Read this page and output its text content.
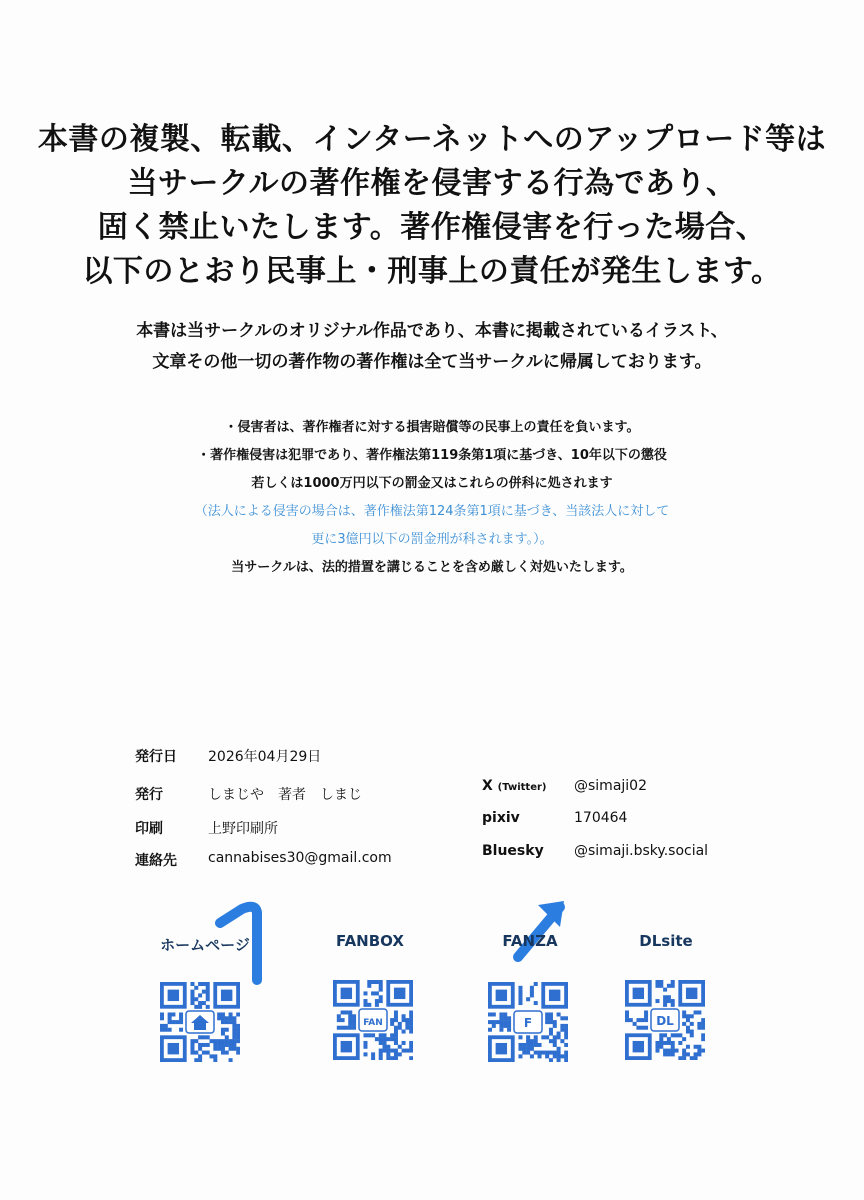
本書の複製、転載、インターネットへのアップロード等は
当サークルの著作権を侵害する行為であり、
固く禁止いたします。著作権侵害を行った場合、
以下のとおり民事上・刑事上の責任が発生します。
本書は当サークルのオリジナル作品であり、本書に掲載されているイラスト、
文章その他一切の著作物の著作権は全て当サークルに帰属しております。
・侵害者は、著作権者に対する損害賠償等の民事上の責任を負います。
・著作権侵害は犯罪であり、著作権法第119条第1項に基づき、10年以下の懲役
若しくは1000万円以下の罰金又はこれらの併科に処されます
（法人による侵害の場合は、著作権法第124条第1項に基づき、当該法人に対して
更に3億円以下の罰金刑が科されます。）。
当サークルは、法的措置を講じることを含め厳しく対処いたします。
発行日 2026年04月29日
発行	しまじや　著者　しまじ
印刷	上野印刷所
連絡先 cannabises30@gmail.com
X (Twitter) @simaji02
pixiv	170464
Bluesky @simaji.bsky.social
ホームページ	FANBOX	FANZA	DLsite
FAN	F	DL
